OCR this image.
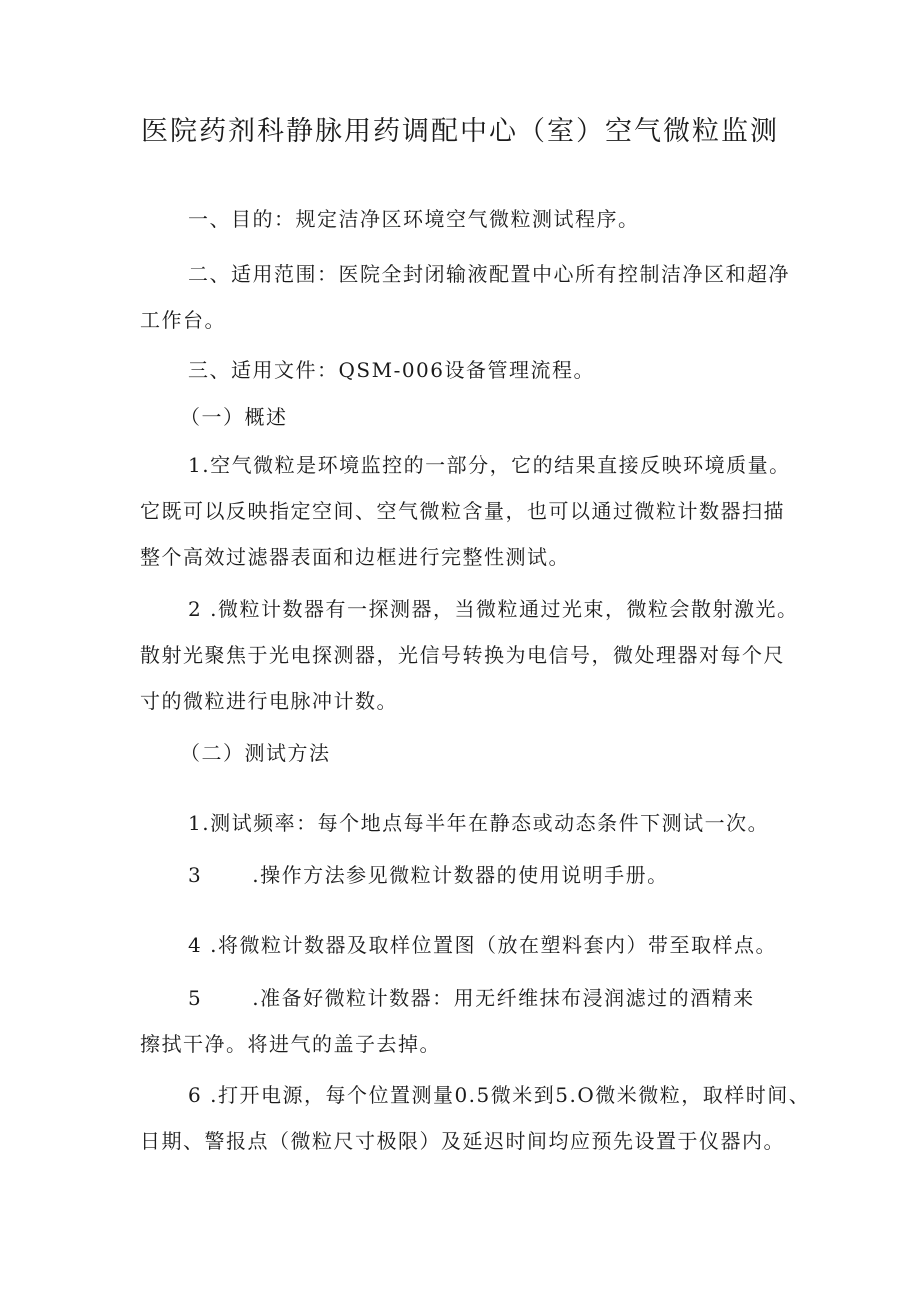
医院药剂科静脉用药调配中心（室）空气微粒监测
一、目的：规定洁净区环境空气微粒测试程序。
二、适用范围：医院全封闭输液配置中心所有控制洁净区和超净
工作台。
三、适用文件：QSM-006设备管理流程。
（一）概述
1.空气微粒是环境监控的一部分，它的结果直接反映环境质量。
它既可以反映指定空间、空气微粒含量，也可以通过微粒计数器扫描
整个高效过滤器表面和边框进行完整性测试。
2 .微粒计数器有一探测器，当微粒通过光束，微粒会散射激光。
散射光聚焦于光电探测器，光信号转换为电信号，微处理器对每个尺
寸的微粒进行电脉冲计数。
（二）测试方法
1.测试频率：每个地点每半年在静态或动态条件下测试一次。
3	.操作方法参见微粒计数器的使用说明手册。
4 .将微粒计数器及取样位置图（放在塑料套内）带至取样点。
5	.准备好微粒计数器：用无纤维抹布浸润滤过的酒精来
擦拭干净。将进气的盖子去掉。
6 .打开电源，每个位置测量0.5微米到5.O微米微粒，取样时间、
日期、警报点（微粒尺寸极限）及延迟时间均应预先设置于仪器内。
